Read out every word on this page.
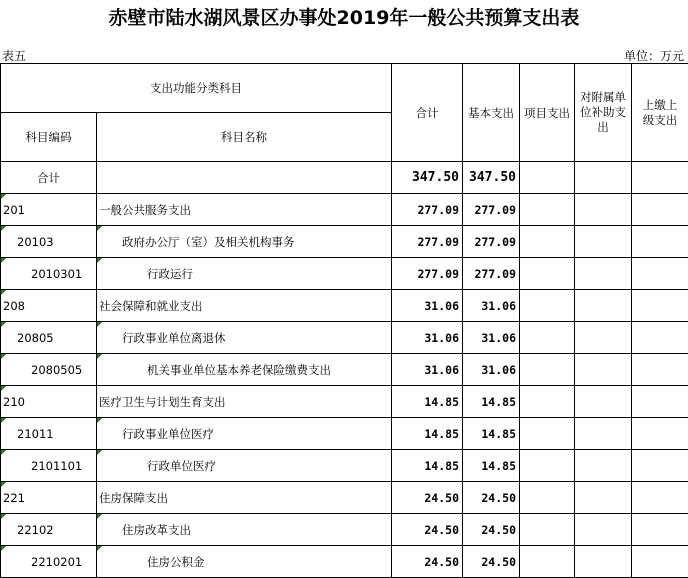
赤壁市陆水湖风景区办事处2019年一般公共预算支出表
表五	单位：万元
支出功能分类科目		合计	基本支出	项目支出	对附属单位补助支出	上缴上级支出
科目编码	科目名称					
合计		347.50	347.50			
201	一般公共服务支出	277.09	277.09			
20103	政府办公厅（室）及相关机构事务	277.09	277.09			
2010301	行政运行	277.09	277.09			
208	社会保障和就业支出	31.06	31.06			
20805	行政事业单位离退休	31.06	31.06			
2080505	机关事业单位基本养老保险缴费支出	31.06	31.06			
210	医疗卫生与计划生育支出	14.85	14.85			
21011	行政事业单位医疗	14.85	14.85			
2101101	行政单位医疗	14.85	14.85			
221	住房保障支出	24.50	24.50			
22102	住房改革支出	24.50	24.50			
2210201	住房公积金	24.50	24.50			
